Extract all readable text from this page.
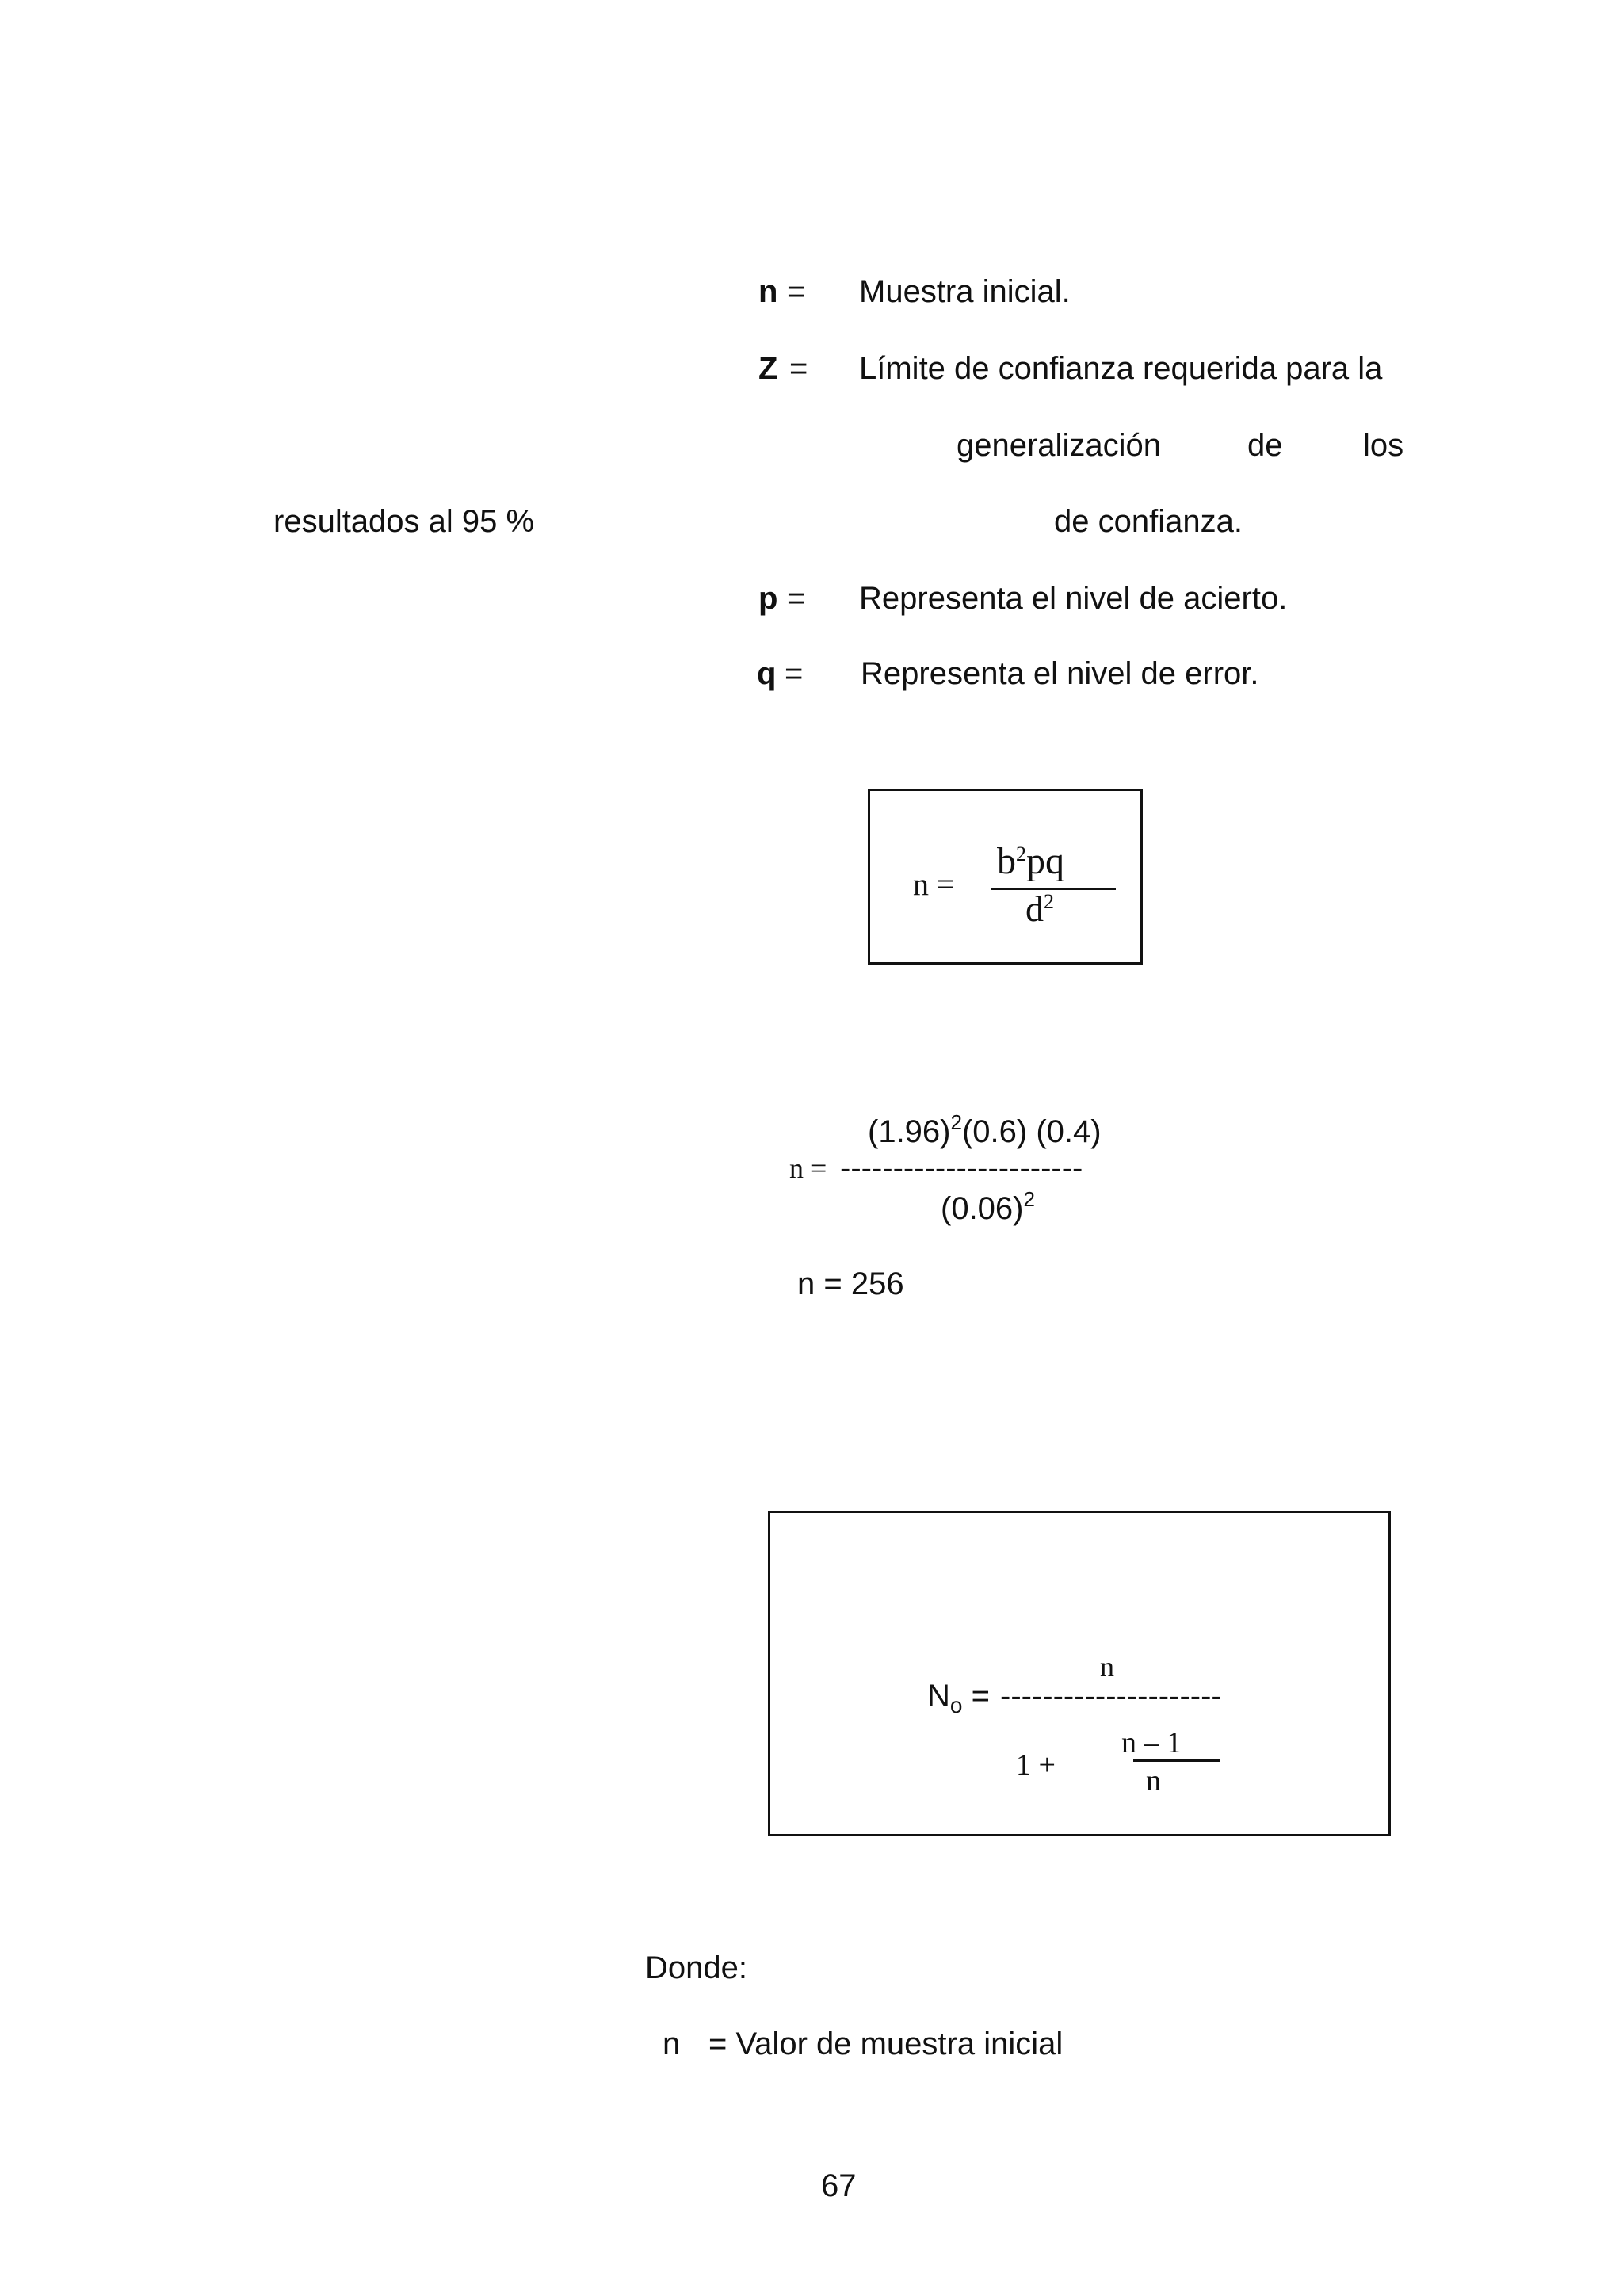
n = Muestra inicial.
Z = Límite de confianza requerida para la
generalización	de	los
resultados al 95 %	de confianza.
p = Representa el nivel de acierto.
q = Representa el nivel de error.
n =
$b^2pq$
$d^2$
$(1.96)^2(0.6)$ (0.4)
n = -----------------------
$(0.06)^2$
n = 256
n
$N_o$ = ---------------------
1 +
n – 1
n
Donde:
n = Valor de muestra inicial
67
